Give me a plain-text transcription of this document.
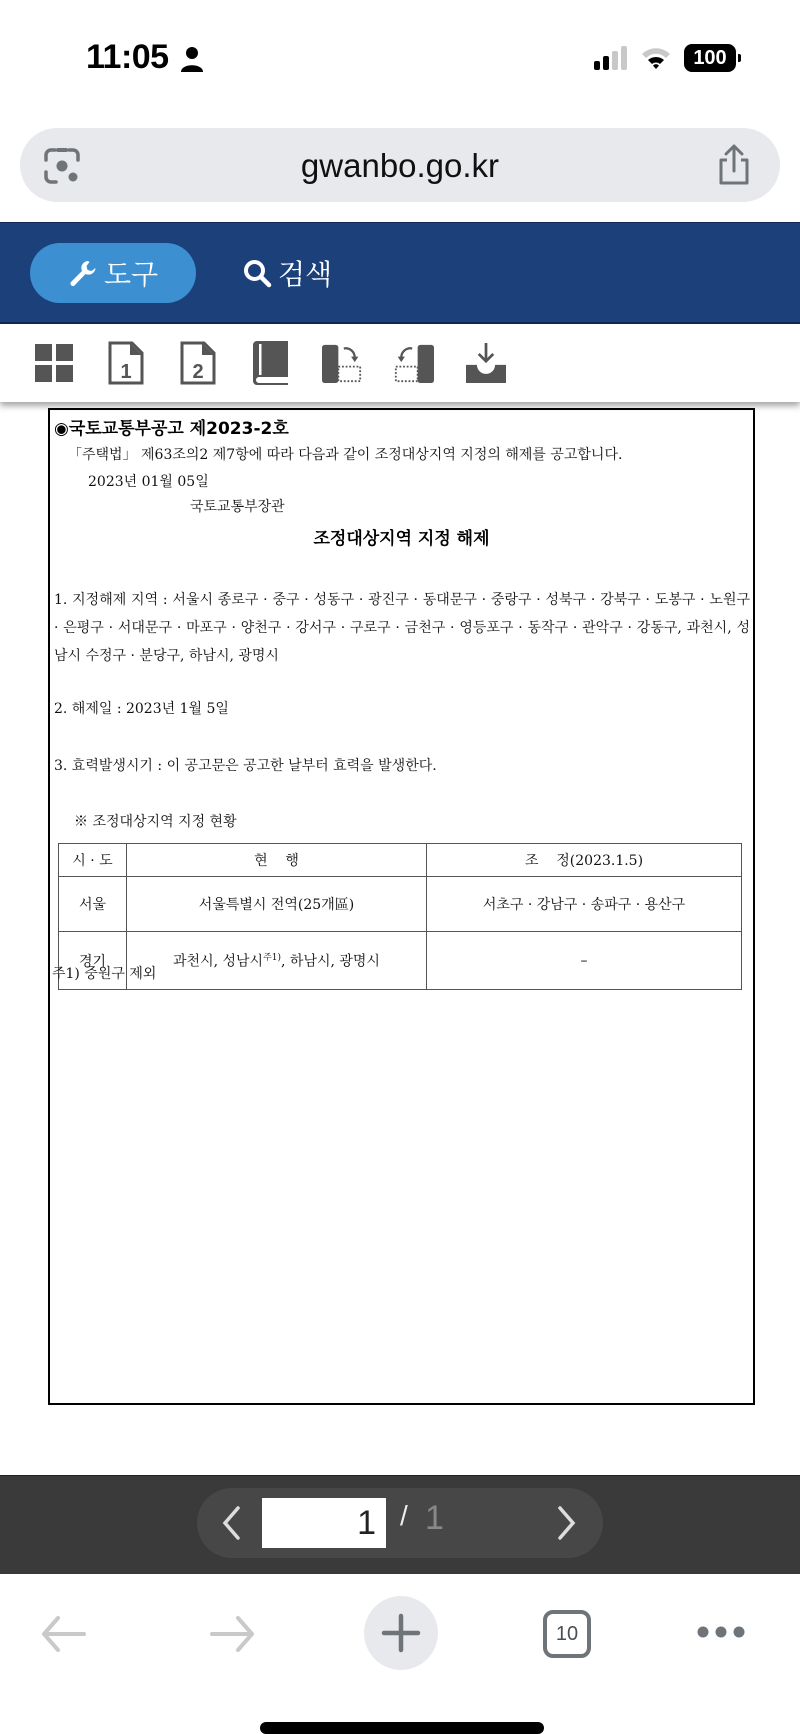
11:05	100
gwanbo.go.kr
도구	검색
1	2
◉국토교통부공고 제2023-2호
「주택법」 제63조의2 제7항에 따라 다음과 같이 조정대상지역 지정의 해제를 공고합니다.
2023년 01월 05일
국토교통부장관
조정대상지역 지정 해제
1. 지정해제 지역 : 서울시 종로구 · 중구 · 성동구 · 광진구 · 동대문구 · 중랑구 · 성북구 · 강북구 · 도봉구 · 노원구 · 은평구 · 서대문구 · 마포구 · 양천구 · 강서구 · 구로구 · 금천구 · 영등포구 · 동작구 · 관악구 · 강동구, 과천시, 성남시 수정구 · 분당구, 하남시, 광명시
2. 해제일 : 2023년 1월 5일
3. 효력발생시기 : 이 공고문은 공고한 날부터 효력을 발생한다.
※ 조정대상지역 지정 현황
시 · 도	현    행	조    정(2023.1.5)
서울	서울특별시 전역(25개區)	서초구 · 강남구 · 송파구 · 용산구
경기	과천시, 성남시$^{주1)}$, 하남시, 광명시	–
주1) 중원구 제외
1
/ 1
10
